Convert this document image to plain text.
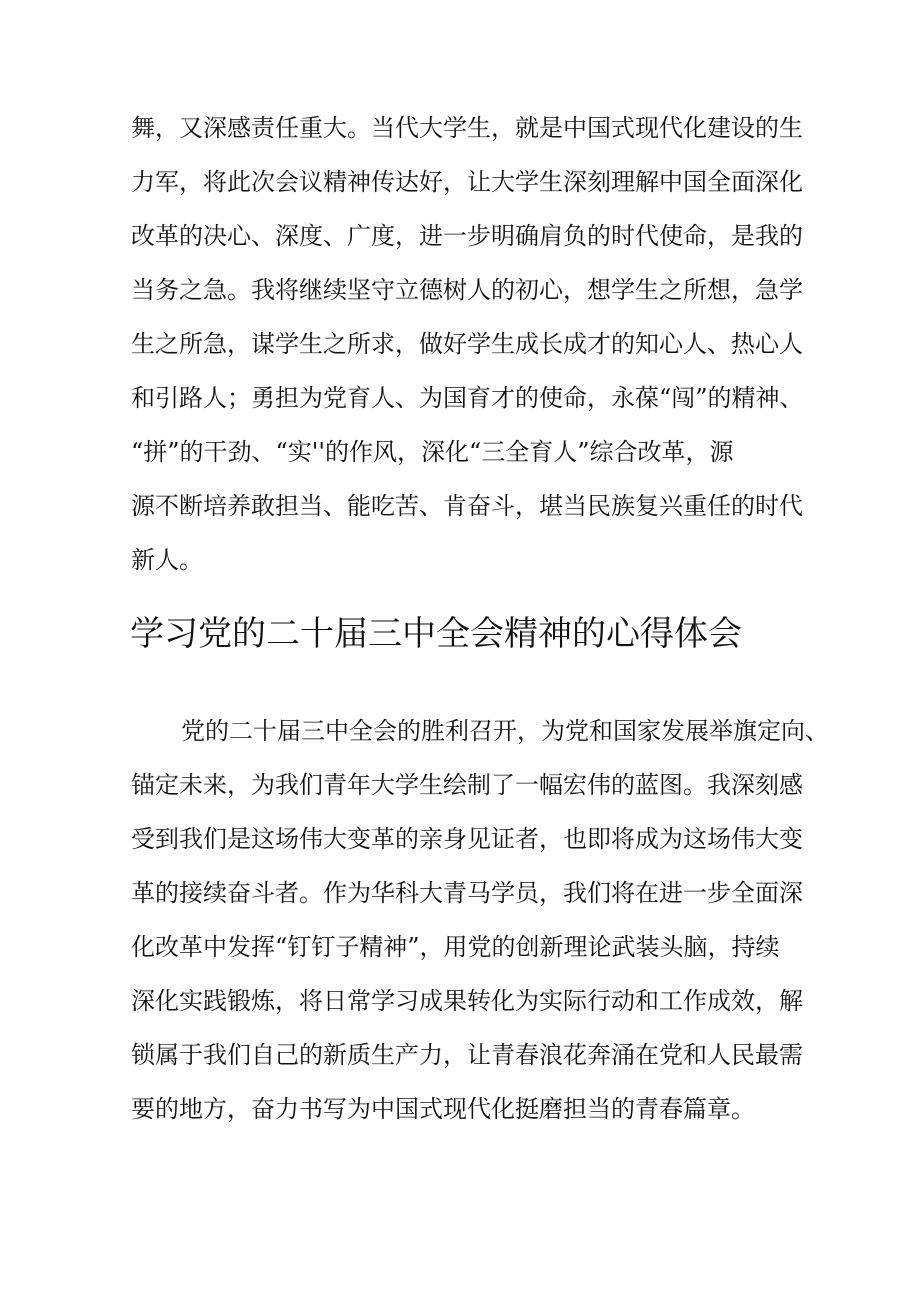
舞，又深感责任重大。当代大学生，就是中国式现代化建设的生

力军，将此次会议精神传达好，让大学生深刻理解中国全面深化

改革的决心、深度、广度，进一步明确肩负的时代使命，是我的

当务之急。我将继续坚守立德树人的初心，想学生之所想，急学

生之所急，谋学生之所求，做好学生成长成才的知心人、热心人

和引路人；勇担为党育人、为国育才的使命，永葆“闯”的精神、

“拼”的干劲、“实''的作风，深化“三全育人”综合改革，源

源不断培养敢担当、能吃苦、肯奋斗，堪当民族复兴重任的时代

新人。

学习党的二十届三中全会精神的心得体会

党的二十届三中全会的胜利召开，为党和国家发展举旗定向、

锚定未来，为我们青年大学生绘制了一幅宏伟的蓝图。我深刻感

受到我们是这场伟大变革的亲身见证者，也即将成为这场伟大变

革的接续奋斗者。作为华科大青马学员，我们将在进一步全面深

化改革中发挥“钉钉子精神”，用党的创新理论武装头脑，持续

深化实践锻炼，将日常学习成果转化为实际行动和工作成效，解

锁属于我们自己的新质生产力，让青春浪花奔涌在党和人民最需

要的地方，奋力书写为中国式现代化挺磨担当的青春篇章。
